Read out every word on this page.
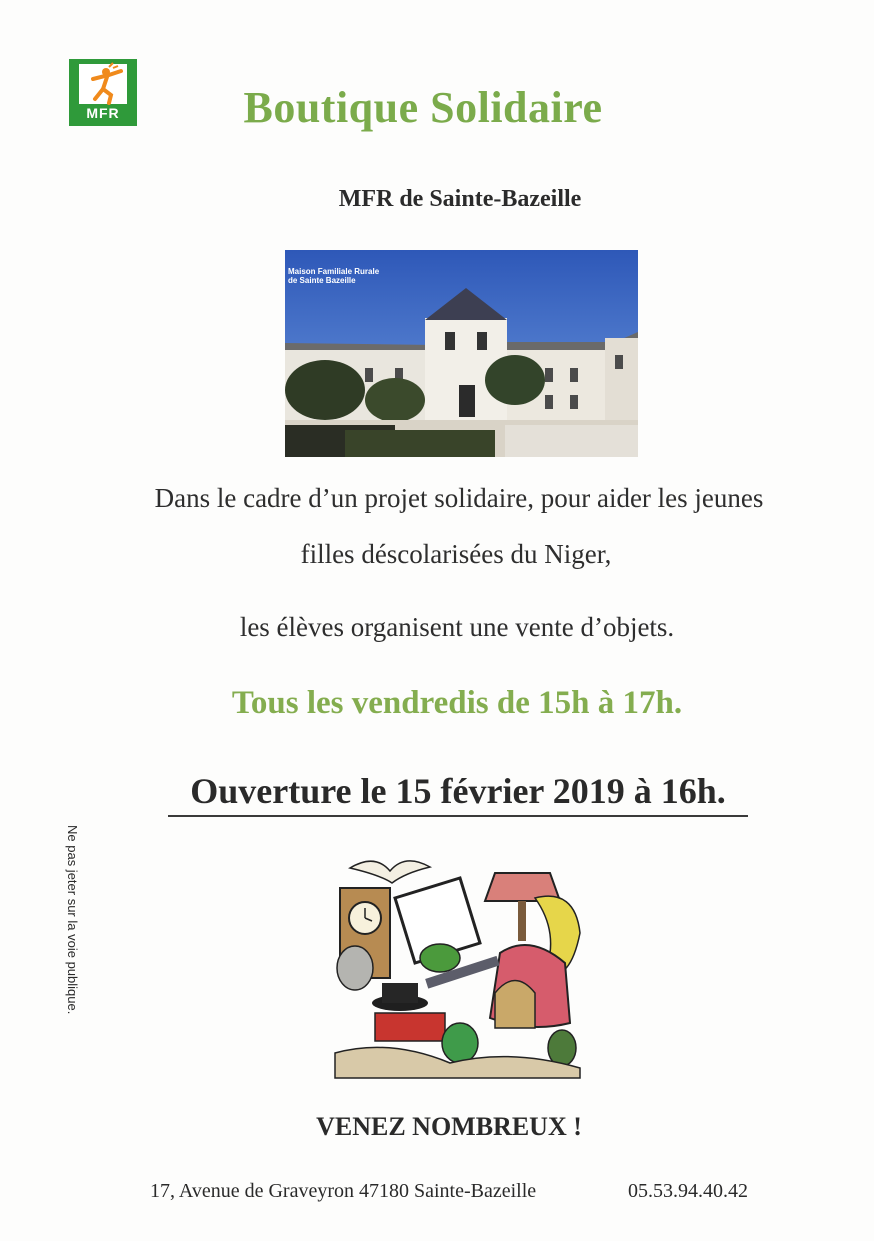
MFR	Boutique Solidaire
MFR de Sainte-Bazeille
Maison Familiale Rurale
de Sainte Bazeille
Dans le cadre d’un projet solidaire, pour aider les jeunes
filles déscolarisées du Niger,
les élèves organisent une vente d’objets.
Tous les vendredis de 15h à 17h.
Ouverture le 15 février 2019 à 16h.
Ne pas jeter sur la voie publique.
VENEZ NOMBREUX !
17, Avenue de Graveyron 47180 Sainte-Bazeille	05.53.94.40.42
